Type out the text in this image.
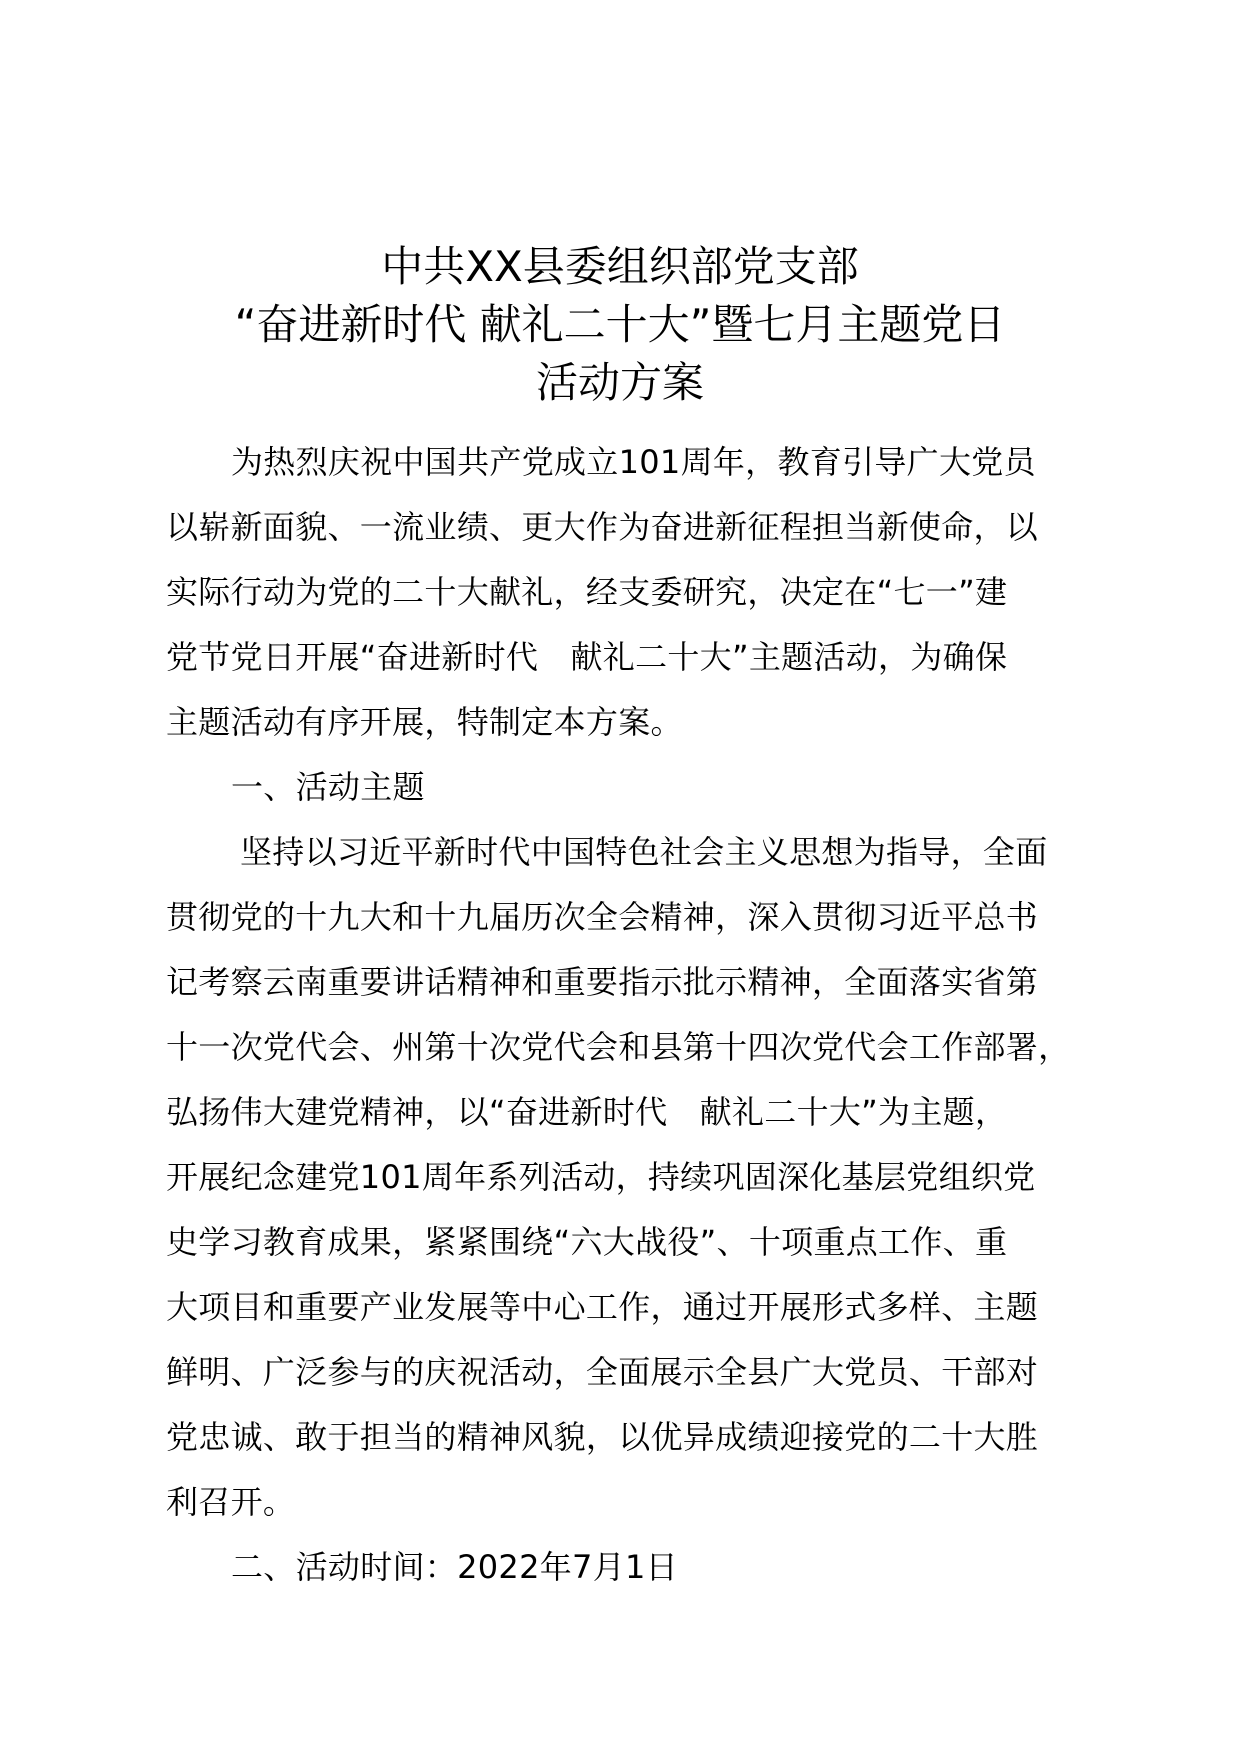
中共XX县委组织部党支部
“奋进新时代 献礼二十大”暨七月主题党日
活动方案
为热烈庆祝中国共产党成立101周年，教育引导广大党员
以崭新面貌、一流业绩、更大作为奋进新征程担当新使命，以
实际行动为党的二十大献礼，经支委研究，决定在“七一”建
党节党日开展“奋进新时代　献礼二十大”主题活动，为确保
主题活动有序开展，特制定本方案。
一、活动主题
坚持以习近平新时代中国特色社会主义思想为指导，全面
贯彻党的十九大和十九届历次全会精神，深入贯彻习近平总书
记考察云南重要讲话精神和重要指示批示精神，全面落实省第
十一次党代会、州第十次党代会和县第十四次党代会工作部署，
弘扬伟大建党精神，以“奋进新时代　献礼二十大”为主题，
开展纪念建党101周年系列活动，持续巩固深化基层党组织党
史学习教育成果，紧紧围绕“六大战役”、十项重点工作、重
大项目和重要产业发展等中心工作，通过开展形式多样、主题
鲜明、广泛参与的庆祝活动，全面展示全县广大党员、干部对
党忠诚、敢于担当的精神风貌，以优异成绩迎接党的二十大胜
利召开。
二、活动时间：2022年7月1日
